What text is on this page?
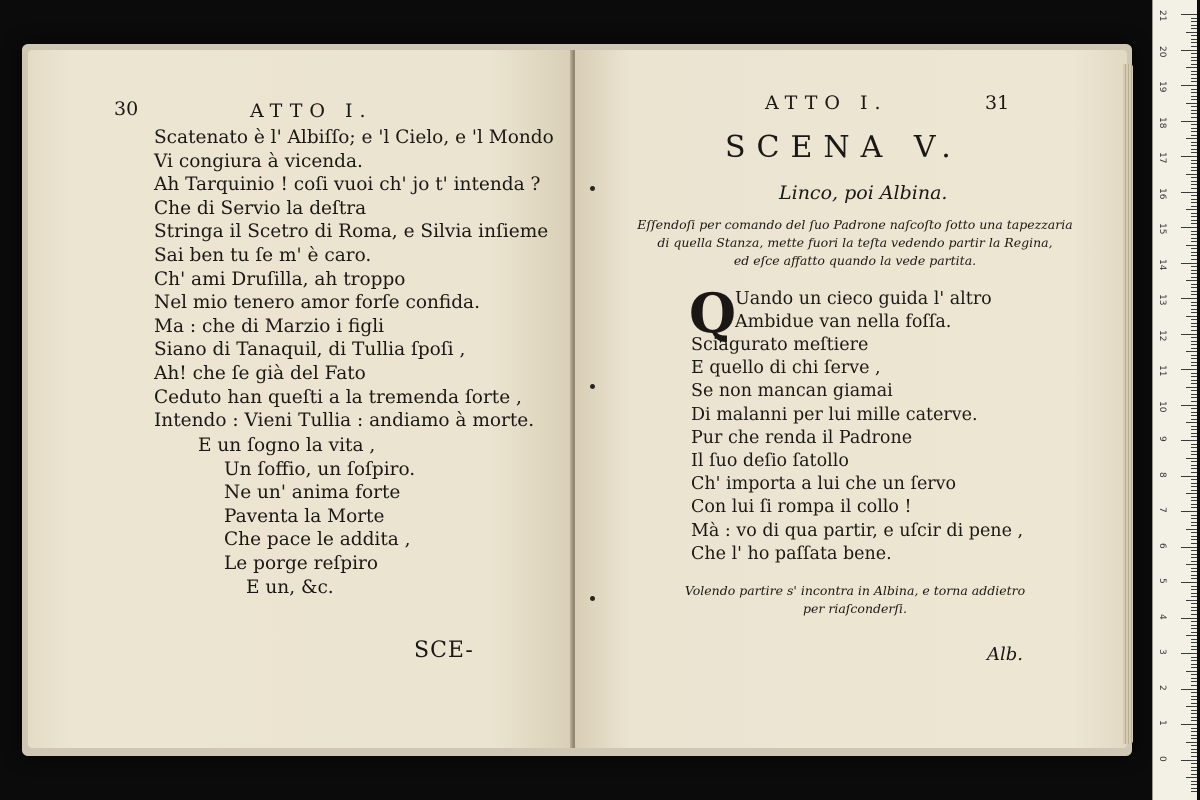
30	ATTO I.
Scatenato è l' Albiſſo; e 'l Cielo, e 'l Mondo
Vi congiura à vicenda.
Ah Tarquinio ! coſi vuoi ch' jo t' intenda ?
Che di Servio la deſtra
Stringa il Scetro di Roma, e Silvia inſieme
Sai ben tu ſe m' è caro.
Ch' ami Druſilla, ah troppo
Nel mio tenero amor forſe confida.
Ma : che di Marzio i figli
Siano di Tanaquil, di Tullia ſpoſi ,
Ah! che ſe già del Fato
Ceduto han queſti a la tremenda ſorte ,
Intendo : Vieni Tullia : andiamo à morte.
E un ſogno la vita ,
Un ſoffio, un ſoſpiro.
Ne un' anima forte
Paventa la Morte
Che pace le addita ,
Le porge reſpiro
E un, &c.
SCE-
ATTO I.	31
SCENA V.
Linco, poi Albina.
Eſſendoſi per comando del ſuo Padrone naſcoſto ſotto una tapezzaria
di quella Stanza, mette fuori la teſta vedendo partir la Regina,
ed eſce affatto quando la vede partita.
Q
Uando un cieco guida l' altro
Ambidue van nella foſſa.
Sciagurato meſtiere
E quello di chi ſerve ,
Se non mancan giamai
Di malanni per lui mille caterve.
Pur che renda il Padrone
Il ſuo deſio ſatollo
Ch' importa a lui che un ſervo
Con lui ſi rompa il collo !
Mà : vo di qua partir, e uſcir di pene ,
Che l' ho paſſata bene.
Volendo partire s' incontra in Albina, e torna addietro
per riaſconderſi.
Alb.
21
20
19
18
17
16
15
14
13
12
11
10
9
8
7
6
5
4
3
2
1
0
